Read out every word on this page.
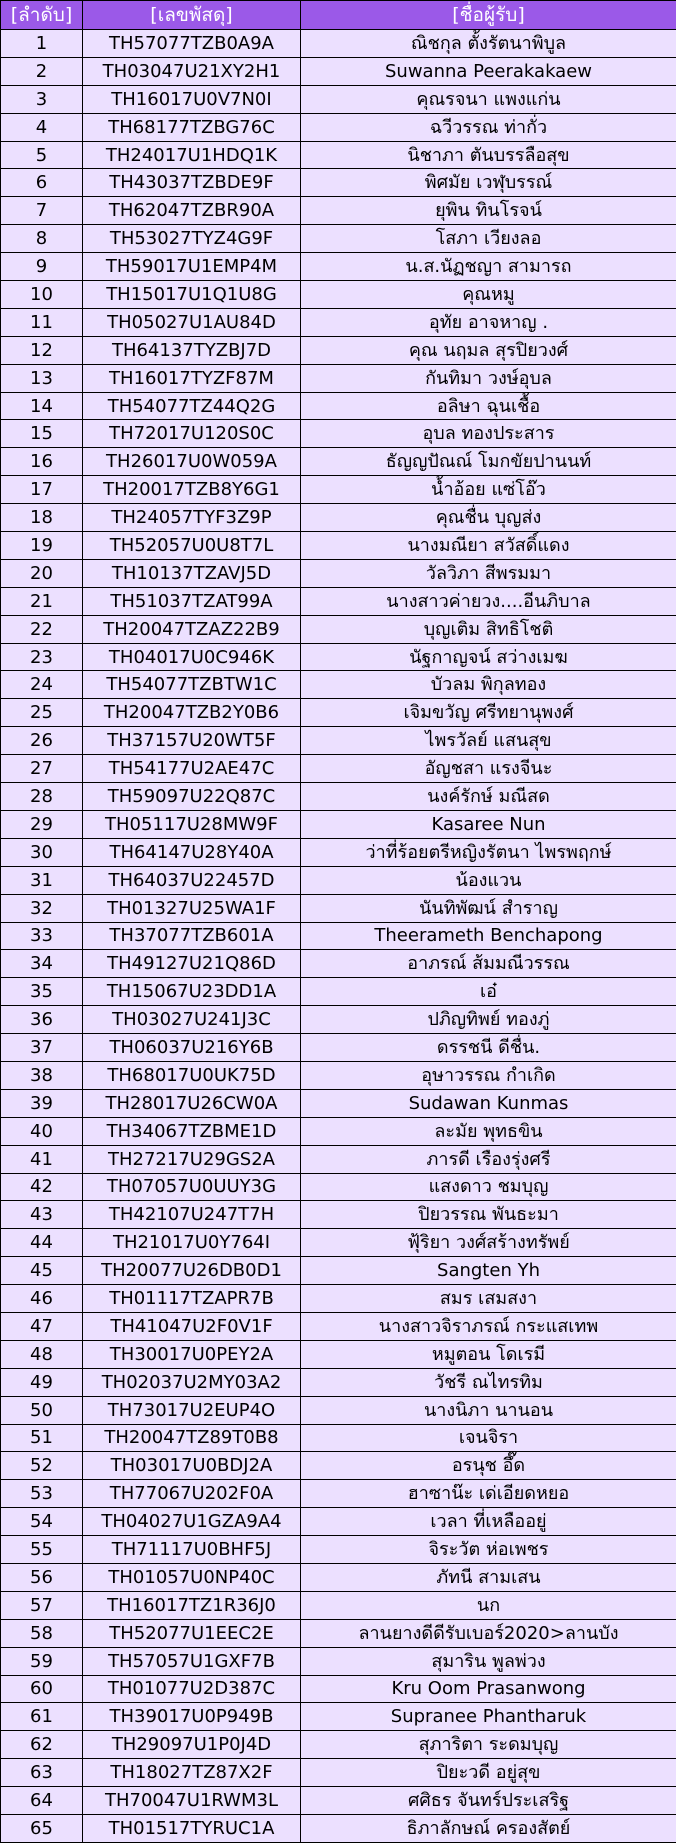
[ลำดับ]	[เลขพัสดุ]	[ชื่อผู้รับ]
1	TH57077TZB0A9A	ณิชกุล ตั้งรัตนาพิบูล
2	TH03047U21XY2H1	Suwanna Peerakakaew
3	TH16017U0V7N0I	คุณรจนา แพงแก่น
4	TH68177TZBG76C	ฉวีวรรณ ท่ากั่ว
5	TH24017U1HDQ1K	นิชาภา ตันบรรลือสุข
6	TH43037TZBDE9F	พิศมัย เวฬุบรรณ์
7	TH62047TZBR90A	ยุพิน ทินโรจน์
8	TH53027TYZ4G9F	โสภา เวียงลอ
9	TH59017U1EMP4M	น.ส.นัฏชญา สามารถ
10	TH15017U1Q1U8G	คุณหมู
11	TH05027U1AU84D	อุทัย อาจหาญ .
12	TH64137TYZBJ7D	คุณ นฤมล สุรปิยวงศ์
13	TH16017TYZF87M	กันทิมา วงษ์อุบล
14	TH54077TZ44Q2G	อลิษา ฉุนเชื้อ
15	TH72017U120S0C	อุบล ทองประสาร
16	TH26017U0W059A	ธัญญปัณณ์ โมกขัยปานนท์
17	TH20017TZB8Y6G1	น้ำอ้อย แซ่โอ๊ว
18	TH24057TYF3Z9P	คุณชื่น บุญส่ง
19	TH52057U0U8T7L	นางมณียา สวัสดิ์แดง
20	TH10137TZAVJ5D	วัลวิภา สีพรมมา
21	TH51037TZAT99A	นางสาวค่ายวง....อีนภิบาล
22	TH20047TZAZ22B9	บุญเติม สิทธิโชติ
23	TH04017U0C946K	นัฐกาญจน์ สว่างเมฆ
24	TH54077TZBTW1C	บัวลม พิกุลทอง
25	TH20047TZB2Y0B6	เจิมขวัญ ศรีทยานุพงศ์
26	TH37157U20WT5F	ไพรวัลย์ แสนสุข
27	TH54177U2AE47C	อัญชสา แรงจีนะ
28	TH59097U22Q87C	นงค์รักษ์ มณีสด
29	TH05117U28MW9F	Kasaree Nun
30	TH64147U28Y40A	ว่าที่ร้อยตรีหญิงรัตนา ไพรพฤกษ์
31	TH64037U22457D	น้องแวน
32	TH01327U25WA1F	นันทิพัฒน์ สำราญ
33	TH37077TZB601A	Theerameth Benchapong
34	TH49127U21Q86D	อาภรณ์ ส้มมณีวรรณ
35	TH15067U23DD1A	เอ๋
36	TH03027U241J3C	ปภิญทิพย์ ทองภู่
37	TH06037U216Y6B	ดรรชนี ดีชื่น.
38	TH68017U0UK75D	อุษาวรรณ กำเกิด
39	TH28017U26CW0A	Sudawan Kunmas
40	TH34067TZBME1D	ละมัย พุทธขิน
41	TH27217U29GS2A	ภารดี เรืองรุ่งศรี
42	TH07057U0UUY3G	แสงดาว ชมบุญ
43	TH42107U247T7H	ปิยวรรณ พันธะมา
44	TH21017U0Y764I	ฟุ้ริยา วงศ์สร้างทรัพย์
45	TH20077U26DB0D1	Sangten Yh
46	TH01117TZAPR7B	สมร เสมสงา
47	TH41047U2F0V1F	นางสาวจิราภรณ์ กระแสเทพ
48	TH30017U0PEY2A	หมูตอน โดเรมี
49	TH02037U2MY03A2	วัชรี ณไทรทิม
50	TH73017U2EUP4O	นางนิภา นานอน
51	TH20047TZ89T0B8	เจนจิรา
52	TH03017U0BDJ2A	อรนุช อึ๊ด
53	TH77067U202F0A	ฮาซาน๊ะ เด่เอียดหยอ
54	TH04027U1GZA9A4	เวลา ที่เหลืออยู่
55	TH71117U0BHF5J	จิระวัต ห่อเพชร
56	TH01057U0NP40C	ภัทนี สามเสน
57	TH16017TZ1R36J0	นก
58	TH52077U1EEC2E	ลานยางดีดีรับเบอร์2020>ลานบัง
59	TH57057U1GXF7B	สุมาริน พูลพ่วง
60	TH01077U2D387C	Kru Oom Prasanwong
61	TH39017U0P949B	Supranee Phantharuk
62	TH29097U1P0J4D	สุภาริตา ระดมบุญ
63	TH18027TZ87X2F	ปิยะวดี อยู่สุข
64	TH70047U1RWM3L	ศศิธร จันทร์ประเสริฐ
65	TH01517TYRUC1A	ธิภาลักษณ์ ครองสัตย์
